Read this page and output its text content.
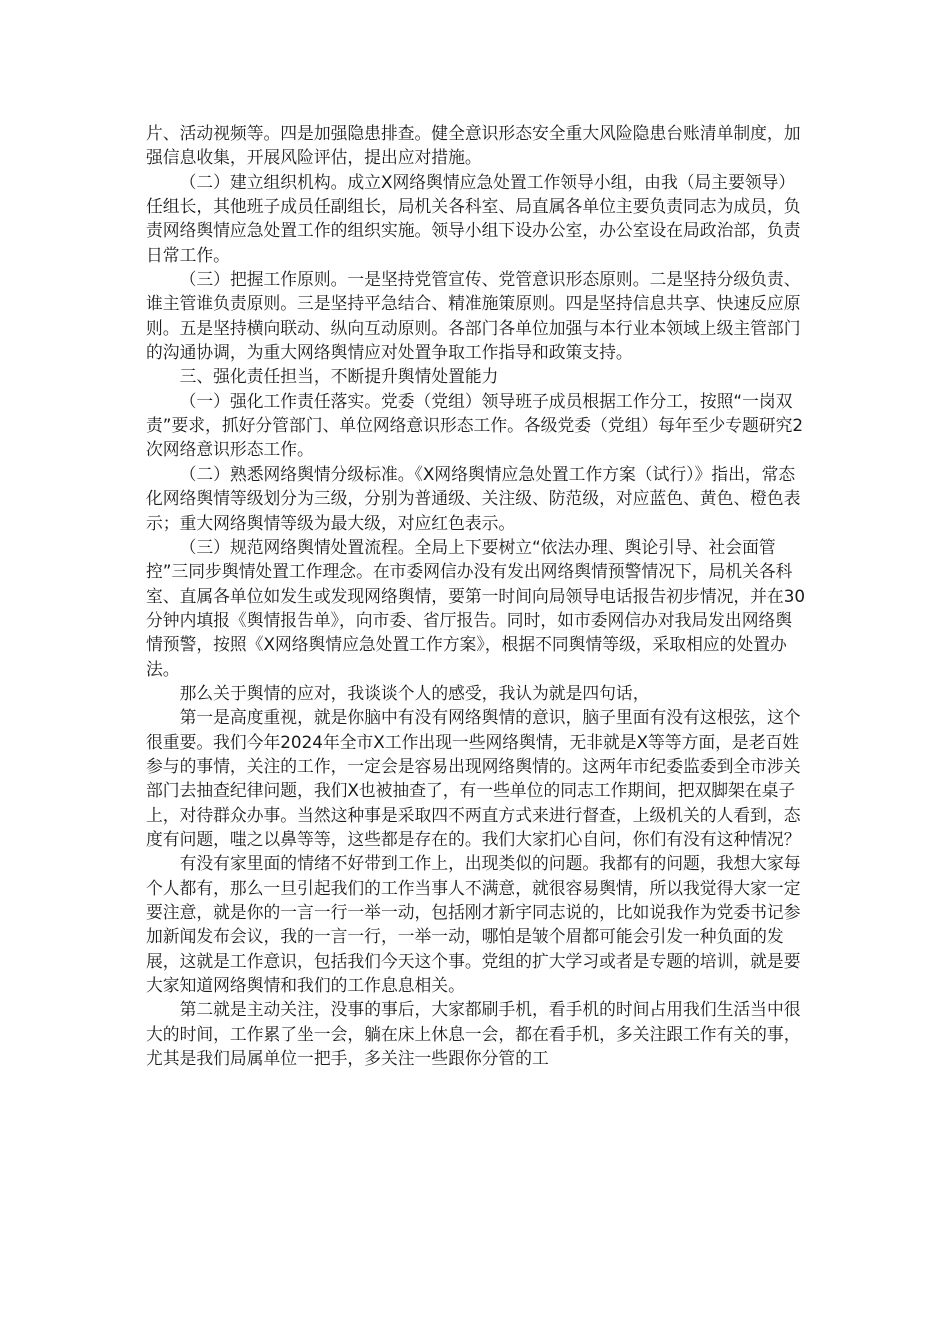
片、活动视频等。四是加强隐患排查。健全意识形态安全重大风险隐患台账清单制度，加强信息收集，开展风险评估，提出应对措施。

（二）建立组织机构。成立X网络舆情应急处置工作领导小组，由我（局主要领导）任组长，其他班子成员任副组长，局机关各科室、局直属各单位主要负责同志为成员，负责网络舆情应急处置工作的组织实施。领导小组下设办公室，办公室设在局政治部，负责日常工作。

（三）把握工作原则。一是坚持党管宣传、党管意识形态原则。二是坚持分级负责、谁主管谁负责原则。三是坚持平急结合、精准施策原则。四是坚持信息共享、快速反应原则。五是坚持横向联动、纵向互动原则。各部门各单位加强与本行业本领域上级主管部门的沟通协调，为重大网络舆情应对处置争取工作指导和政策支持。

三、强化责任担当，不断提升舆情处置能力

（一）强化工作责任落实。党委（党组）领导班子成员根据工作分工，按照“一岗双责”要求，抓好分管部门、单位网络意识形态工作。各级党委（党组）每年至少专题研究2次网络意识形态工作。

（二）熟悉网络舆情分级标准。《X网络舆情应急处置工作方案（试行）》指出，常态化网络舆情等级划分为三级，分别为普通级、关注级、防范级，对应蓝色、黄色、橙色表示；重大网络舆情等级为最大级，对应红色表示。

（三）规范网络舆情处置流程。全局上下要树立“依法办理、舆论引导、社会面管控”三同步舆情处置工作理念。在市委网信办没有发出网络舆情预警情况下，局机关各科室、直属各单位如发生或发现网络舆情，要第一时间向局领导电话报告初步情况，并在30分钟内填报《舆情报告单》，向市委、省厅报告。同时，如市委网信办对我局发出网络舆情预警，按照《X网络舆情应急处置工作方案》，根据不同舆情等级，采取相应的处置办法。

那么关于舆情的应对，我谈谈个人的感受，我认为就是四句话，

第一是高度重视，就是你脑中有没有网络舆情的意识，脑子里面有没有这根弦，这个很重要。我们今年2024年全市X工作出现一些网络舆情，无非就是X等等方面，是老百姓参与的事情，关注的工作，一定会是容易出现网络舆情的。这两年市纪委监委到全市涉关部门去抽查纪律问题，我们X也被抽查了，有一些单位的同志工作期间，把双脚架在桌子上，对待群众办事。当然这种事是采取四不两直方式来进行督查，上级机关的人看到，态度有问题，嗤之以鼻等等，这些都是存在的。我们大家扪心自问，你们有没有这种情况？

有没有家里面的情绪不好带到工作上，出现类似的问题。我都有的问题，我想大家每个人都有，那么一旦引起我们的工作当事人不满意，就很容易舆情，所以我觉得大家一定要注意，就是你的一言一行一举一动，包括刚才新宇同志说的，比如说我作为党委书记参加新闻发布会议，我的一言一行，一举一动，哪怕是皱个眉都可能会引发一种负面的发展，这就是工作意识，包括我们今天这个事。党组的扩大学习或者是专题的培训，就是要大家知道网络舆情和我们的工作息息相关。

第二就是主动关注，没事的事后，大家都刷手机，看手机的时间占用我们生活当中很大的时间，工作累了坐一会，躺在床上休息一会，都在看手机，多关注跟工作有关的事，尤其是我们局属单位一把手，多关注一些跟你分管的工
